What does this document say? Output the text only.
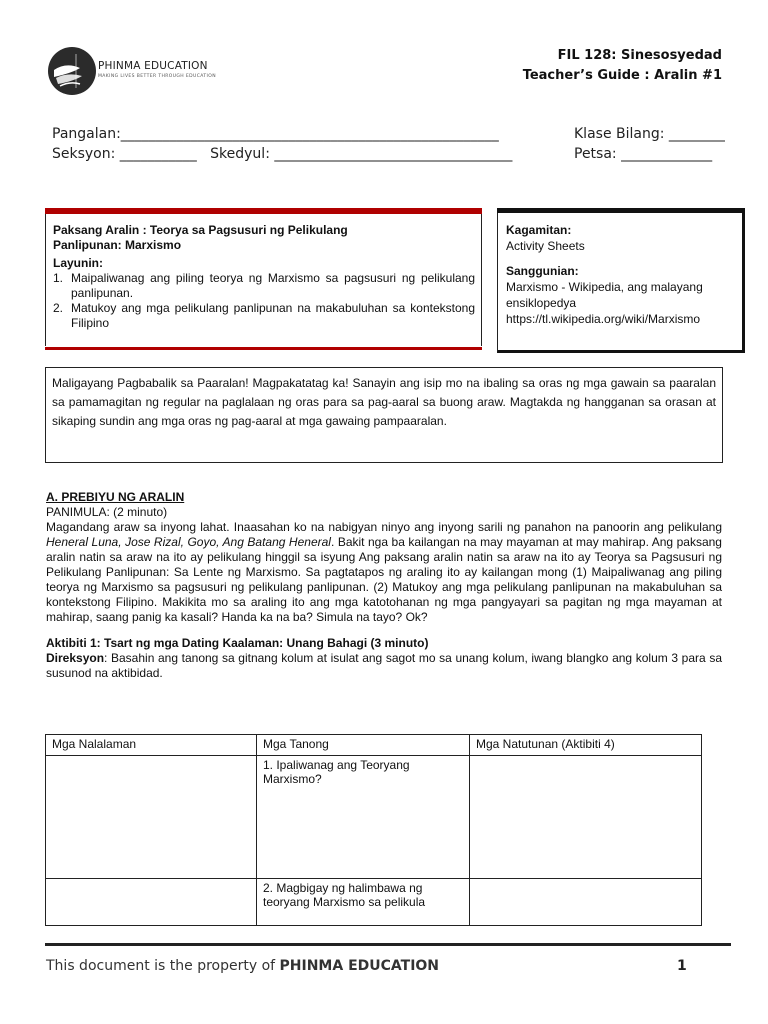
PHINMA EDUCATION
MAKING LIVES BETTER THROUGH EDUCATION
FIL 128: Sinesosyedad
Teacher’s Guide : Aralin #1
Pangalan:______________________________________________________
Seksyon: ___________ Skedyul: __________________________________
Klase Bilang: ________
Petsa: _____________
Paksang Aralin : Teorya sa Pagsusuri ng Pelikulang
Panlipunan: Marxismo
Layunin:
1. Maipaliwanag ang piling teorya ng Marxismo sa pagsusuri ng pelikulang panlipunan.
2. Matukoy ang mga pelikulang panlipunan na makabuluhan sa kontekstong Filipino
Kagamitan:
Activity Sheets
Sanggunian:
Marxismo - Wikipedia, ang malayang
ensiklopedya
https://tl.wikipedia.org/wiki/Marxismo
Maligayang Pagbabalik sa Paaralan! Magpakatatag ka! Sanayin ang isip mo na ibaling sa oras ng mga gawain sa paaralan sa pamamagitan ng regular na paglalaan ng oras para sa pag-aaral sa buong araw. Magtakda ng hangganan sa orasan at sikaping sundin ang mga oras ng pag-aaral at mga gawaing pampaaralan.

A. PREBIYU NG ARALIN

PANIMULA: (2 minuto)

Magandang araw sa inyong lahat. Inaasahan ko na nabigyan ninyo ang inyong sarili ng panahon na panoorin ang pelikulang Heneral Luna, Jose Rizal, Goyo, Ang Batang Heneral. Bakit nga ba kailangan na may mayaman at may mahirap. Ang paksang aralin natin sa araw na ito ay pelikulang hinggil sa isyung Ang paksang aralin natin sa araw na ito ay Teorya sa Pagsusuri ng Pelikulang Panlipunan: Sa Lente ng Marxismo. Sa pagtatapos ng araling ito ay kailangan mong (1) Maipaliwanag ang piling teorya ng Marxismo sa pagsusuri ng pelikulang panlipunan. (2) Matukoy ang mga pelikulang panlipunan na makabuluhan sa kontekstong Filipino. Makikita mo sa araling ito ang mga katotohanan ng mga pangyayari sa pagitan ng mga mayaman at mahirap, saang panig ka kasali? Handa ka na ba? Simula na tayo? Ok?

Aktibiti 1: Tsart ng mga Dating Kaalaman: Unang Bahagi (3 minuto)

Direksyon: Basahin ang tanong sa gitnang kolum at isulat ang sagot mo sa unang kolum, iwang blangko ang kolum 3 para sa susunod na aktibidad.

Mga Nalalaman	Mga Tanong	Mga Natutunan (Aktibiti 4)
	1. Ipaliwanag ang Teoryang Marxismo?	
	2. Magbigay ng halimbawa ng teoryang Marxismo sa pelikula	
This document is the property of PHINMA EDUCATION	1
